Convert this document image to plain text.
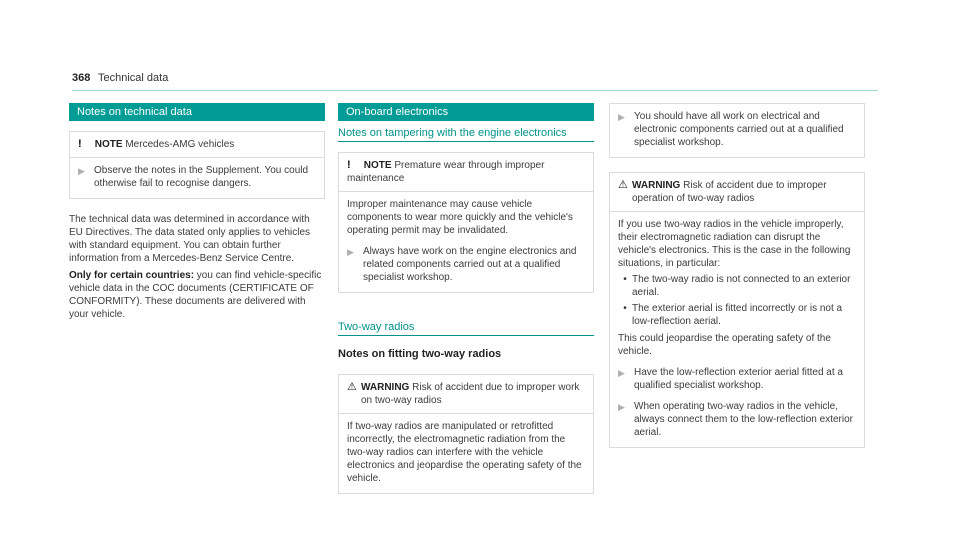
368 Technical data
Notes on technical data
! NOTE Mercedes-AMG vehicles
▶ Observe the notes in the Supplement. You could otherwise fail to recognise dangers.
The technical data was determined in accordance with EU Directives. The data stated only applies to vehicles with standard equipment. You can obtain further information from a Mercedes-Benz Service Centre.
Only for certain countries: you can find vehicle-specific vehicle data in the COC documents (CERTIFICATE OF CONFORMITY). These documents are delivered with your vehicle.
On-board electronics
Notes on tampering with the engine electronics
! NOTE Premature wear through improper maintenance
Improper maintenance may cause vehicle components to wear more quickly and the vehicle's operating permit may be invalidated.
▶ Always have work on the engine electronics and related components carried out at a qualified specialist workshop.
Two-way radios
Notes on fitting two-way radios
⚠ WARNING Risk of accident due to improper work on two-way radios
If two-way radios are manipulated or retrofitted incorrectly, the electromagnetic radiation from the two-way radios can interfere with the vehicle electronics and jeopardise the operating safety of the vehicle.
▶ You should have all work on electrical and electronic components carried out at a qualified specialist workshop.
⚠ WARNING Risk of accident due to improper operation of two-way radios
If you use two-way radios in the vehicle improperly, their electromagnetic radiation can disrupt the vehicle's electronics. This is the case in the following situations, in particular:
• The two-way radio is not connected to an exterior aerial.
• The exterior aerial is fitted incorrectly or is not a low-reflection aerial.
This could jeopardise the operating safety of the vehicle.
▶ Have the low-reflection exterior aerial fitted at a qualified specialist workshop.
▶ When operating two-way radios in the vehicle, always connect them to the low-reflection exterior aerial.
